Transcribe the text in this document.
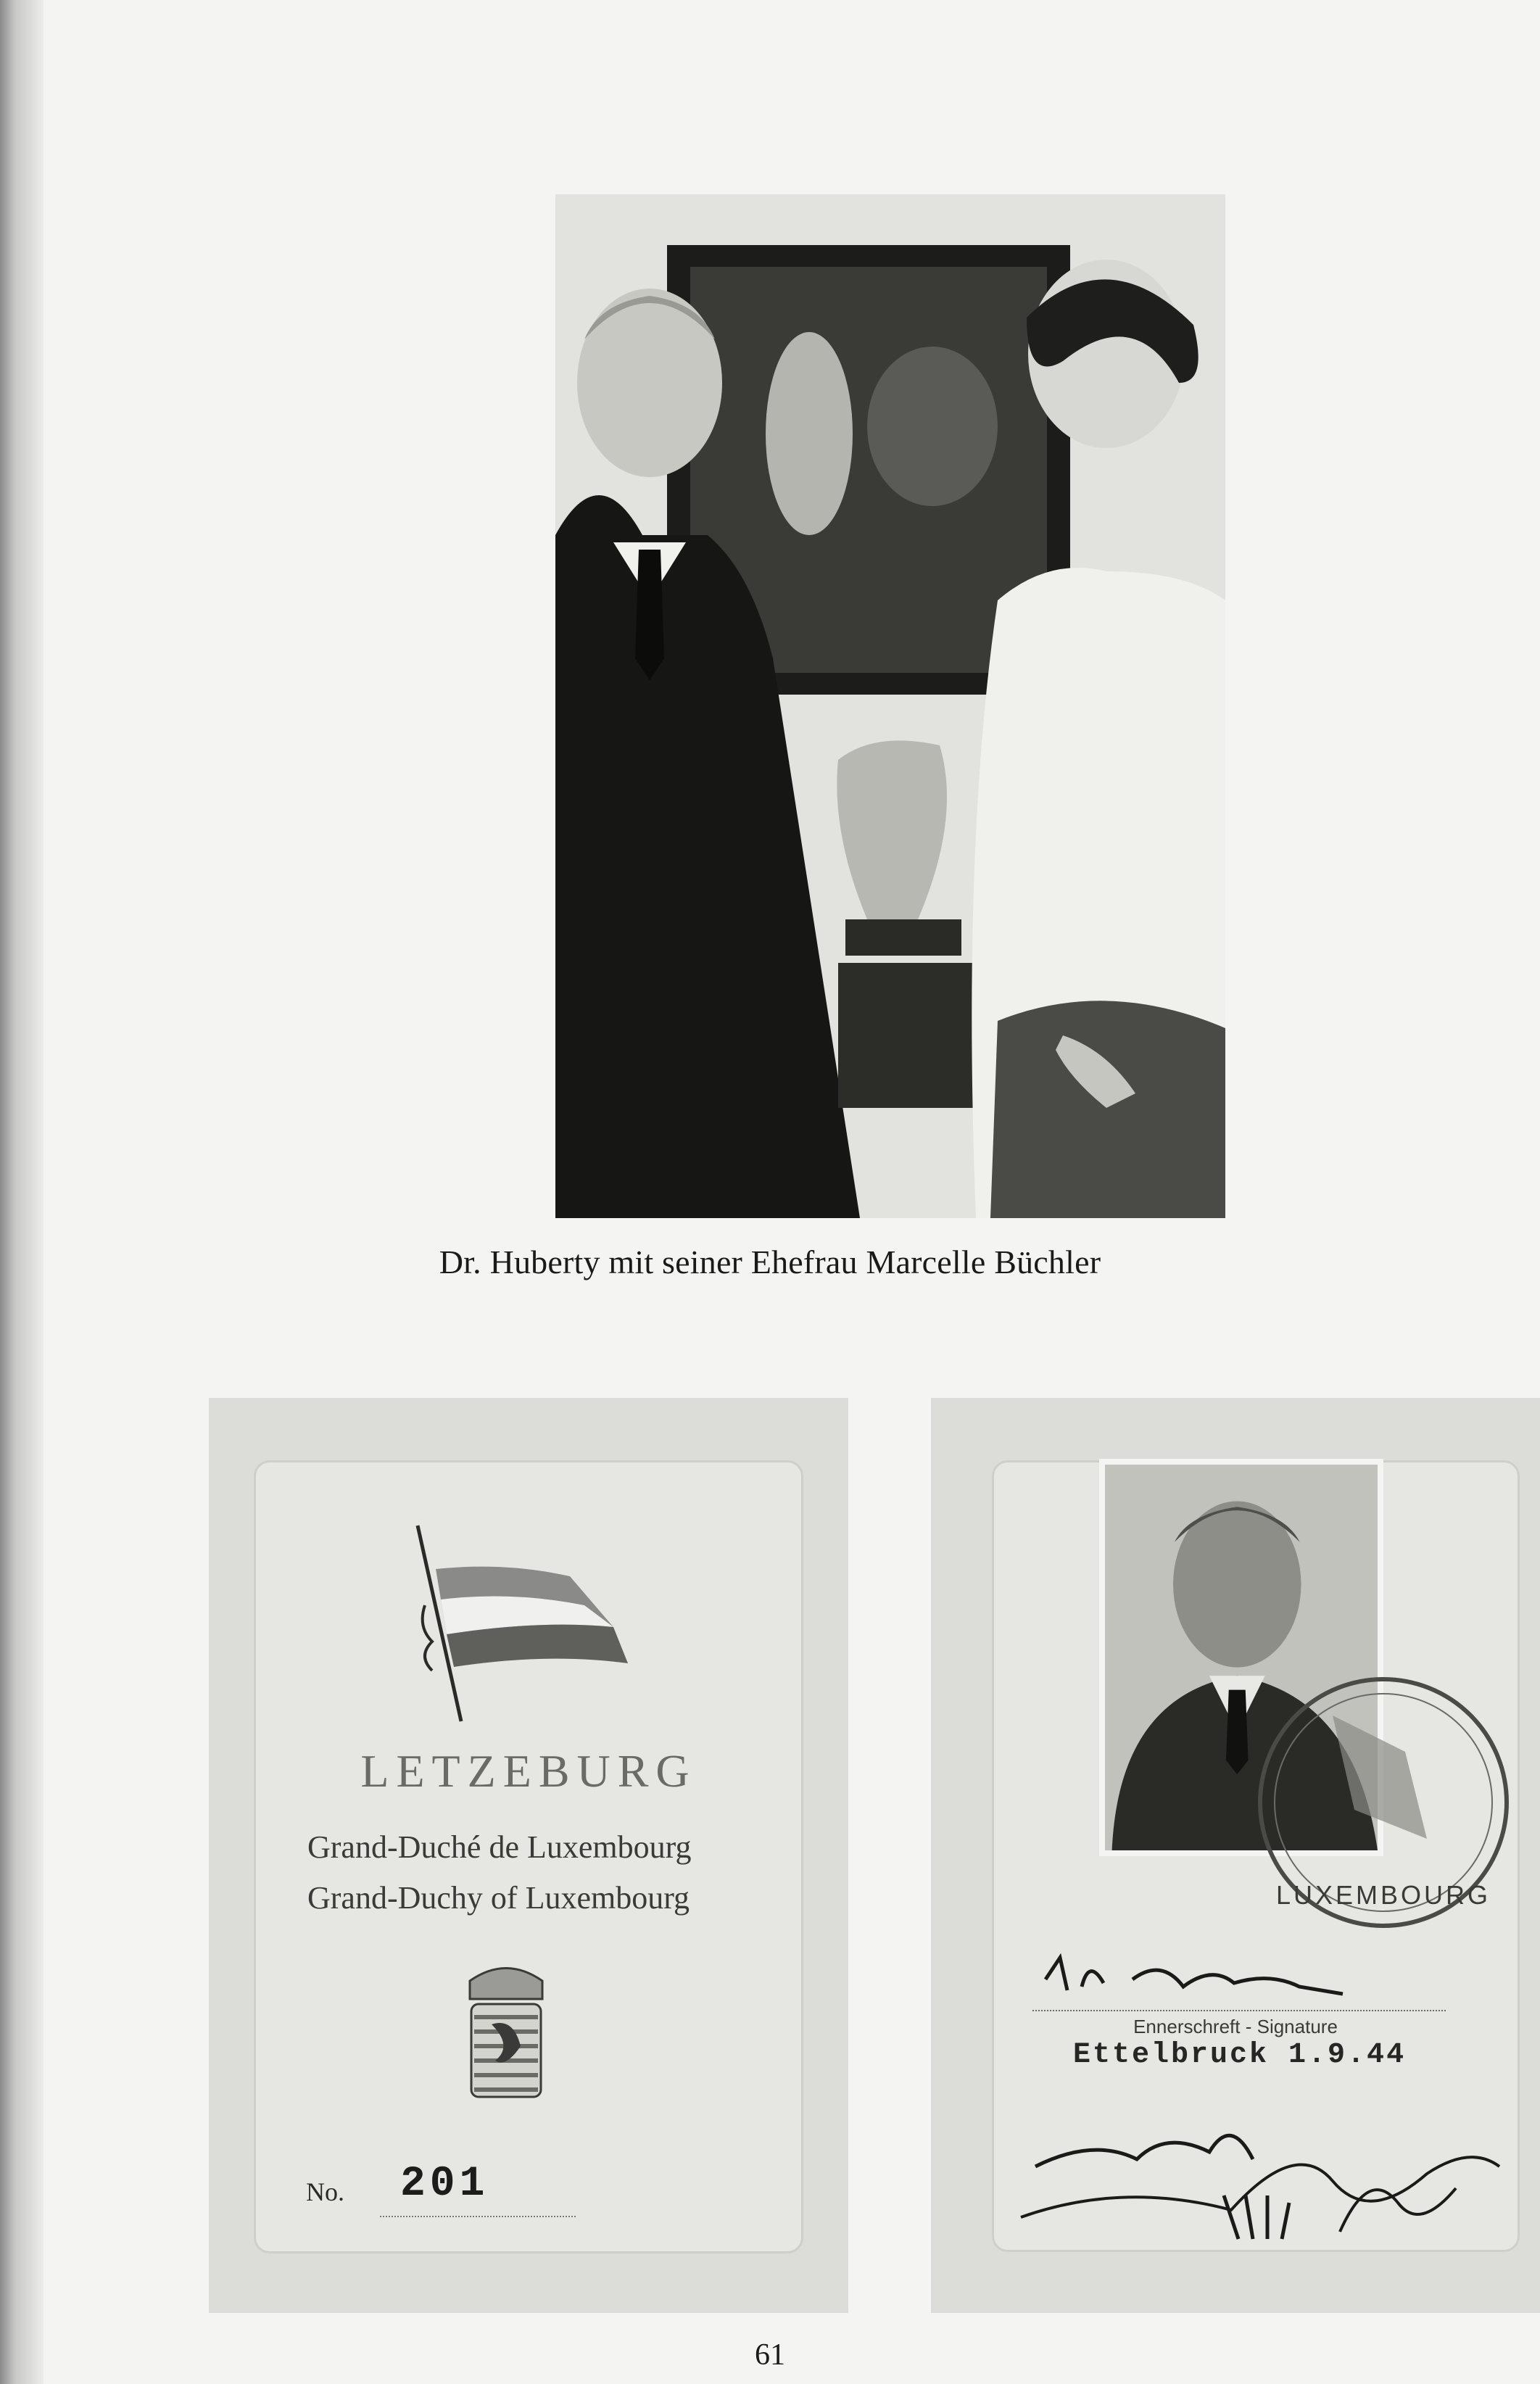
Dr. Huberty mit seiner Ehefrau Marcelle Büchler
LETZEBURG
Grand-Duché de Luxembourg
Grand-Duchy of Luxembourg
No. 201
LUXEMBOURG
Ennerschreft - Signature
Ettelbruck 1.9.44
61
